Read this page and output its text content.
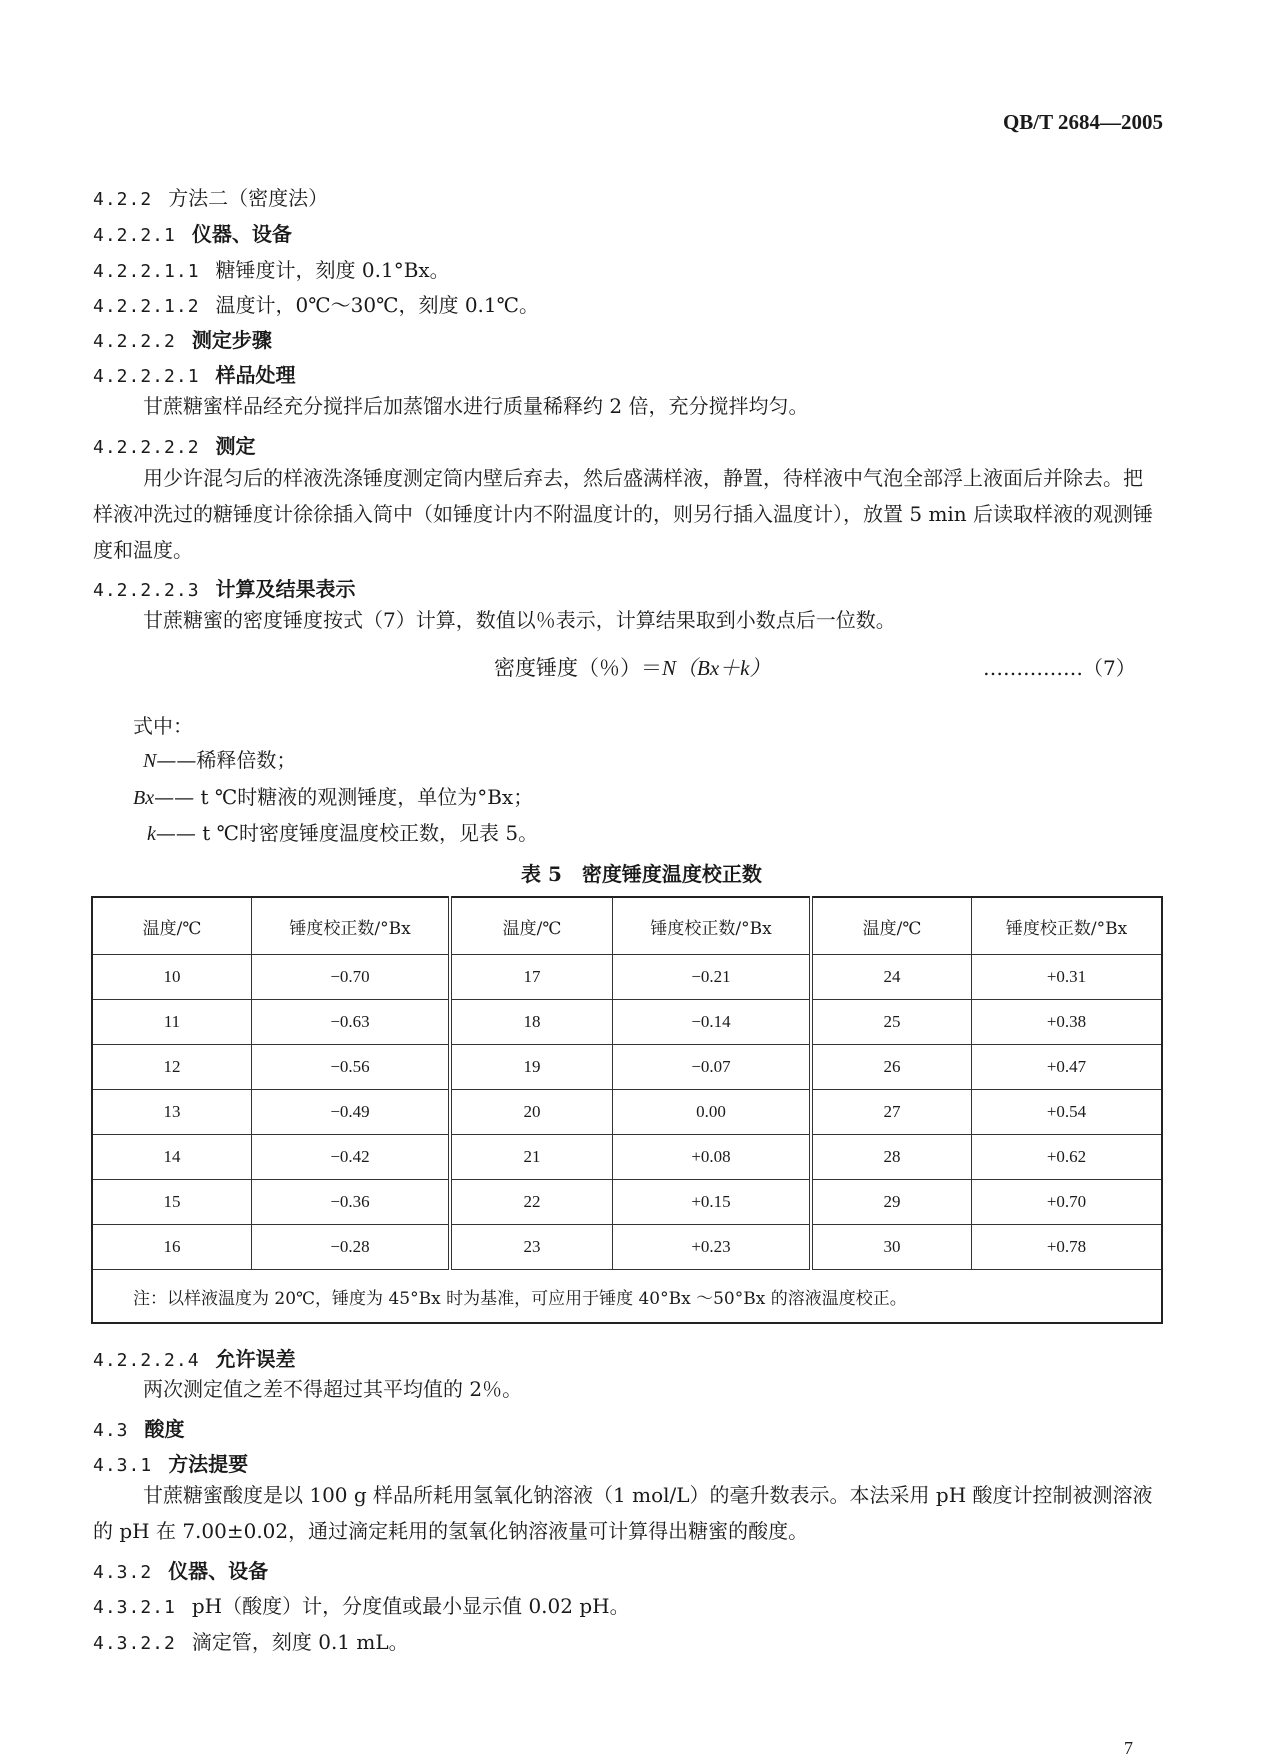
QB/T 2684—2005
4.2.2 方法二（密度法）
4.2.2.1 仪器、设备
4.2.2.1.1 糖锤度计，刻度 0.1°Bx。
4.2.2.1.2 温度计，0℃～30℃，刻度 0.1℃。
4.2.2.2 测定步骤
4.2.2.2.1 样品处理
甘蔗糖蜜样品经充分搅拌后加蒸馏水进行质量稀释约 2 倍，充分搅拌均匀。
4.2.2.2.2 测定
用少许混匀后的样液洗涤锤度测定筒内壁后弃去，然后盛满样液，静置，待样液中气泡全部浮上液面后并除去。把样液冲洗过的糖锤度计徐徐插入筒中（如锤度计内不附温度计的，则另行插入温度计），放置 5 min 后读取样液的观测锤度和温度。
4.2.2.2.3 计算及结果表示
甘蔗糖蜜的密度锤度按式（7）计算，数值以％表示，计算结果取到小数点后一位数。
密度锤度（％）＝N（Bx＋k）	……………（7）
式中：
N——稀释倍数；
Bx—— t ℃时糖液的观测锤度，单位为°Bx；
k—— t ℃时密度锤度温度校正数，见表 5。
表 5　密度锤度温度校正数
温度/℃	锤度校正数/°Bx	温度/℃	锤度校正数/°Bx	温度/℃	锤度校正数/°Bx
10	−0.70	17	−0.21	24	+0.31
11	−0.63	18	−0.14	25	+0.38
12	−0.56	19	−0.07	26	+0.47
13	−0.49	20	0.00	27	+0.54
14	−0.42	21	+0.08	28	+0.62
15	−0.36	22	+0.15	29	+0.70
16	−0.28	23	+0.23	30	+0.78
注：以样液温度为 20℃，锤度为 45°Bx 时为基准，可应用于锤度 40°Bx ～50°Bx 的溶液温度校正。					
4.2.2.2.4 允许误差
两次测定值之差不得超过其平均值的 2％。
4.3 酸度
4.3.1 方法提要
甘蔗糖蜜酸度是以 100 g 样品所耗用氢氧化钠溶液（1 mol/L）的毫升数表示。本法采用 pH 酸度计控制被测溶液的 pH 在 7.00±0.02，通过滴定耗用的氢氧化钠溶液量可计算得出糖蜜的酸度。
4.3.2 仪器、设备
4.3.2.1 pH（酸度）计，分度值或最小显示值 0.02 pH。
4.3.2.2 滴定管，刻度 0.1 mL。
7
